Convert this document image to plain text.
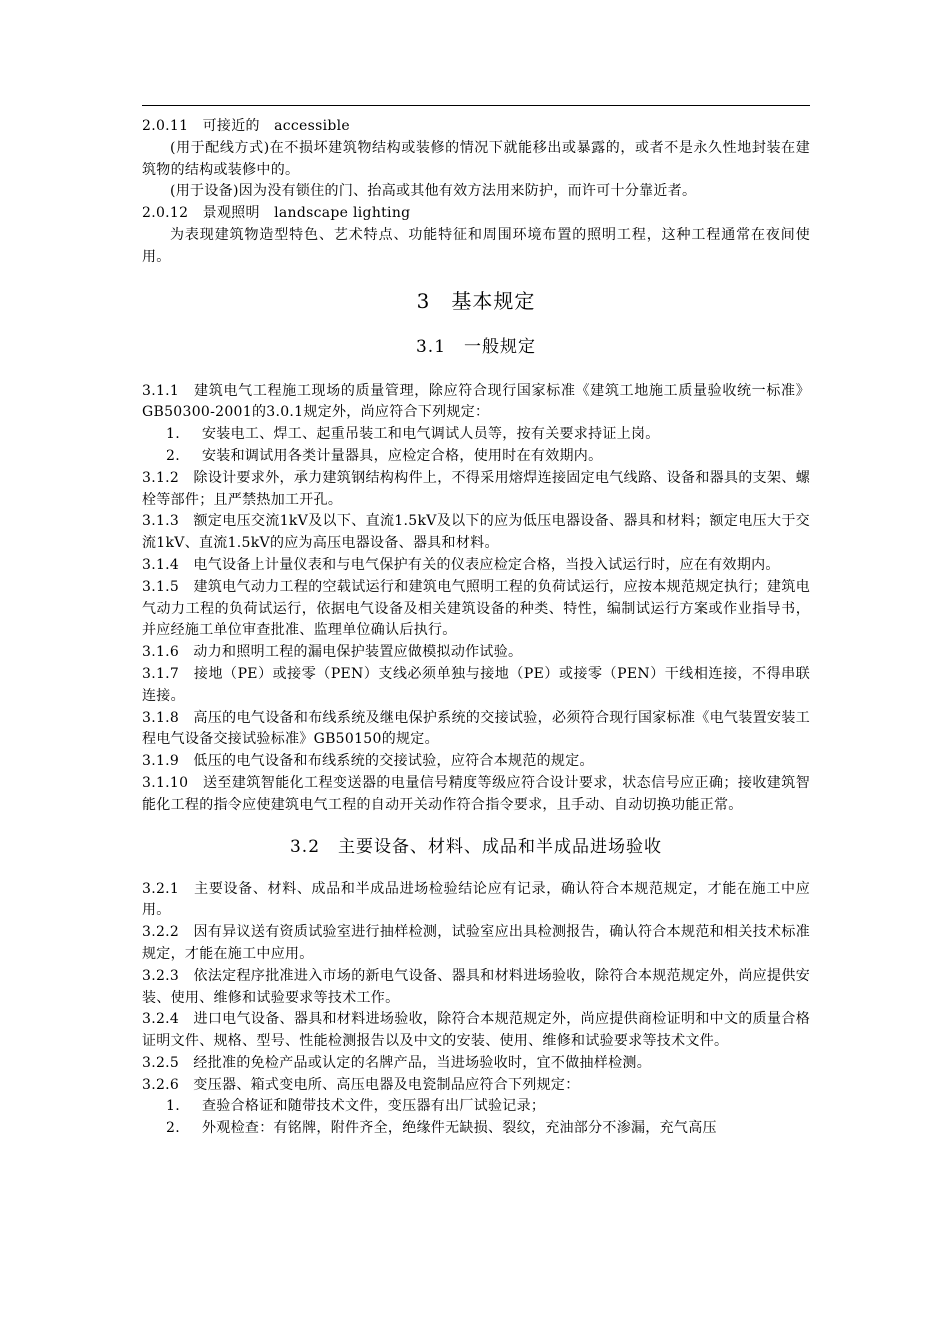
2.0.11　可接近的　accessible

(用于配线方式)在不损坏建筑物结构或装修的情况下就能移出或暴露的，或者不是永久性地封装在建筑物的结构或装修中的。

(用于设备)因为没有锁住的门、抬高或其他有效方法用来防护，而许可十分靠近者。

2.0.12　景观照明　landscape lighting

为表现建筑物造型特色、艺术特点、功能特征和周围环境布置的照明工程，这种工程通常在夜间使用。

3　基本规定
3.1　一般规定

3.1.1　建筑电气工程施工现场的质量管理，除应符合现行国家标准《建筑工地施工质量验收统一标准》GB50300-2001的3.0.1规定外，尚应符合下列规定：

1. 安装电工、焊工、起重吊装工和电气调试人员等，按有关要求持证上岗。

2. 安装和调试用各类计量器具，应检定合格，使用时在有效期内。

3.1.2　除设计要求外，承力建筑钢结构构件上，不得采用熔焊连接固定电气线路、设备和器具的支架、螺栓等部件；且严禁热加工开孔。

3.1.3　额定电压交流1kV及以下、直流1.5kV及以下的应为低压电器设备、器具和材料；额定电压大于交流1kV、直流1.5kV的应为高压电器设备、器具和材料。

3.1.4　电气设备上计量仪表和与电气保护有关的仪表应检定合格，当投入试运行时，应在有效期内。

3.1.5　建筑电气动力工程的空载试运行和建筑电气照明工程的负荷试运行，应按本规范规定执行；建筑电气动力工程的负荷试运行，依据电气设备及相关建筑设备的种类、特性，编制试运行方案或作业指导书，并应经施工单位审查批准、监理单位确认后执行。

3.1.6　动力和照明工程的漏电保护装置应做模拟动作试验。

3.1.7　接地（PE）或接零（PEN）支线必须单独与接地（PE）或接零（PEN）干线相连接，不得串联连接。

3.1.8　高压的电气设备和布线系统及继电保护系统的交接试验，必须符合现行国家标准《电气装置安装工程电气设备交接试验标准》GB50150的规定。

3.1.9　低压的电气设备和布线系统的交接试验，应符合本规范的规定。

3.1.10　送至建筑智能化工程变送器的电量信号精度等级应符合设计要求，状态信号应正确；接收建筑智能化工程的指令应使建筑电气工程的自动开关动作符合指令要求，且手动、自动切换功能正常。

3.2　主要设备、材料、成品和半成品进场验收

3.2.1　主要设备、材料、成品和半成品进场检验结论应有记录，确认符合本规范规定，才能在施工中应用。

3.2.2　因有异议送有资质试验室进行抽样检测，试验室应出具检测报告，确认符合本规范和相关技术标准规定，才能在施工中应用。

3.2.3　依法定程序批准进入市场的新电气设备、器具和材料进场验收，除符合本规范规定外，尚应提供安装、使用、维修和试验要求等技术工作。

3.2.4　进口电气设备、器具和材料进场验收，除符合本规范规定外，尚应提供商检证明和中文的质量合格证明文件、规格、型号、性能检测报告以及中文的安装、使用、维修和试验要求等技术文件。

3.2.5　经批准的免检产品或认定的名牌产品，当进场验收时，宜不做抽样检测。

3.2.6　变压器、箱式变电所、高压电器及电瓷制品应符合下列规定：

1. 查验合格证和随带技术文件，变压器有出厂试验记录；

2. 外观检查：有铭牌，附件齐全，绝缘件无缺损、裂纹，充油部分不渗漏，充气高压
